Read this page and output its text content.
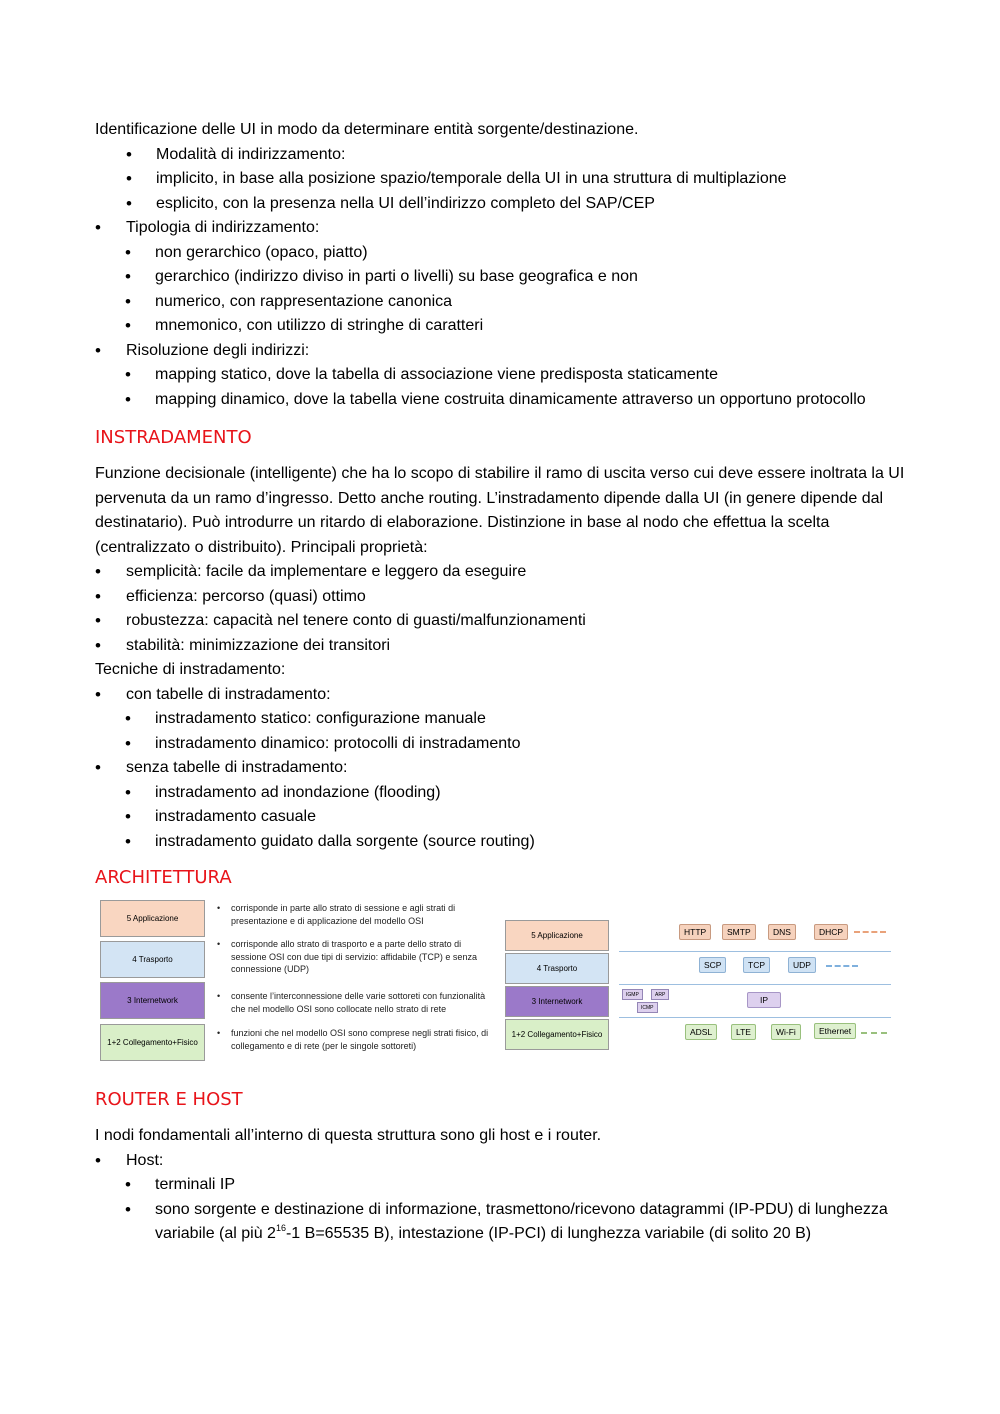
Identificazione delle UI in modo da determinare entità sorgente/destinazione.

• Modalità di indirizzamento:
• implicito, in base alla posizione spazio/temporale della UI in una struttura di multiplazione
• esplicito, con la presenza nella UI dell’indirizzo completo del SAP/CEP
• Tipologia di indirizzamento:
• non gerarchico (opaco, piatto)
• gerarchico (indirizzo diviso in parti o livelli) su base geografica e non
• numerico, con rappresentazione canonica
• mnemonico, con utilizzo di stringhe di caratteri
• Risoluzione degli indirizzi:
• mapping statico, dove la tabella di associazione viene predisposta staticamente
• mapping dinamico, dove la tabella viene costruita dinamicamente attraverso un opportuno protocollo
INSTRADAMENTO

Funzione decisionale (intelligente) che ha lo scopo di stabilire il ramo di uscita verso cui deve essere inoltrata la UI pervenuta da un ramo d’ingresso. Detto anche routing. L’instradamento dipende dalla UI (in genere dipende dal destinatario). Può introdurre un ritardo di elaborazione. Distinzione in base al nodo che effettua la scelta (centralizzato o distribuito). Principali proprietà:

• semplicità: facile da implementare e leggero da eseguire
• efficienza: percorso (quasi) ottimo
• robustezza: capacità nel tenere conto di guasti/malfunzionamenti
• stabilità: minimizzazione dei transitori

Tecniche di instradamento:

• con tabelle di instradamento:
• instradamento statico: configurazione manuale
• instradamento dinamico: protocolli di instradamento
• senza tabelle di instradamento:
• instradamento ad inondazione (flooding)
• instradamento casuale
• instradamento guidato dalla sorgente (source routing)
ARCHITETTURA
5 Applicazione
4 Trasporto
3 Internetwork
1+2 Collegamento+Fisico
• corrisponde in parte allo strato di sessione e agli strati di presentazione e di applicazione del modello OSI
• corrisponde allo strato di trasporto e a parte dello strato di sessione OSI con due tipi di servizio: affidabile (TCP) e senza connessione (UDP)
• consente l’interconnessione delle varie sottoreti con funzionalità che nel modello OSI sono collocate nello strato di rete
• funzioni che nel modello OSI sono comprese negli strati fisico, di collegamento e di rete (per le singole sottoreti)
5 Applicazione
4 Trasporto
3 Internetwork
1+2 Collegamento+Fisico
HTTP	SMTP	DNS	DHCP
SCP	TCP	UDP
IGMP	ARP
ICMP
IP
ADSL	LTE	Wi-Fi	Ethernet
ROUTER E HOST

I nodi fondamentali all’interno di questa struttura sono gli host e i router.

• Host:
• terminali IP
• sono sorgente e destinazione di informazione, trasmettono/ricevono datagrammi (IP-PDU) di lunghezza variabile (al più $2^{16}-1$ B=65535 B), intestazione (IP-PCI) di lunghezza variabile (di solito 20 B)
